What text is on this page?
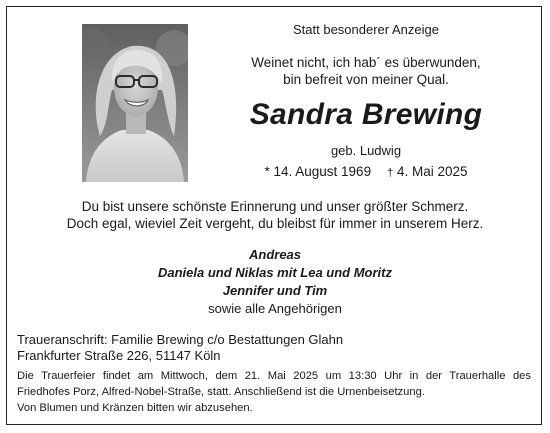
Statt besonderer Anzeige
Weinet nicht, ich hab´ es überwunden,
bin befreit von meiner Qual.
Sandra Brewing
geb. Ludwig
* 14. August 1969 † 4. Mai 2025
Du bist unsere schönste Erinnerung und unser größter Schmerz.
Doch egal, wieviel Zeit vergeht, du bleibst für immer in unserem Herz.
Andreas
Daniela und Niklas mit Lea und Moritz
Jennifer und Tim
sowie alle Angehörigen
Traueranschrift: Familie Brewing c/o Bestattungen Glahn
Frankfurter Straße 226, 51147 Köln
Die Trauerfeier findet am Mittwoch, dem 21. Mai 2025 um 13:30 Uhr in der Trauerhalle des
Friedhofes Porz, Alfred-Nobel-Straße, statt. Anschließend ist die Urnenbeisetzung.
Von Blumen und Kränzen bitten wir abzusehen.
